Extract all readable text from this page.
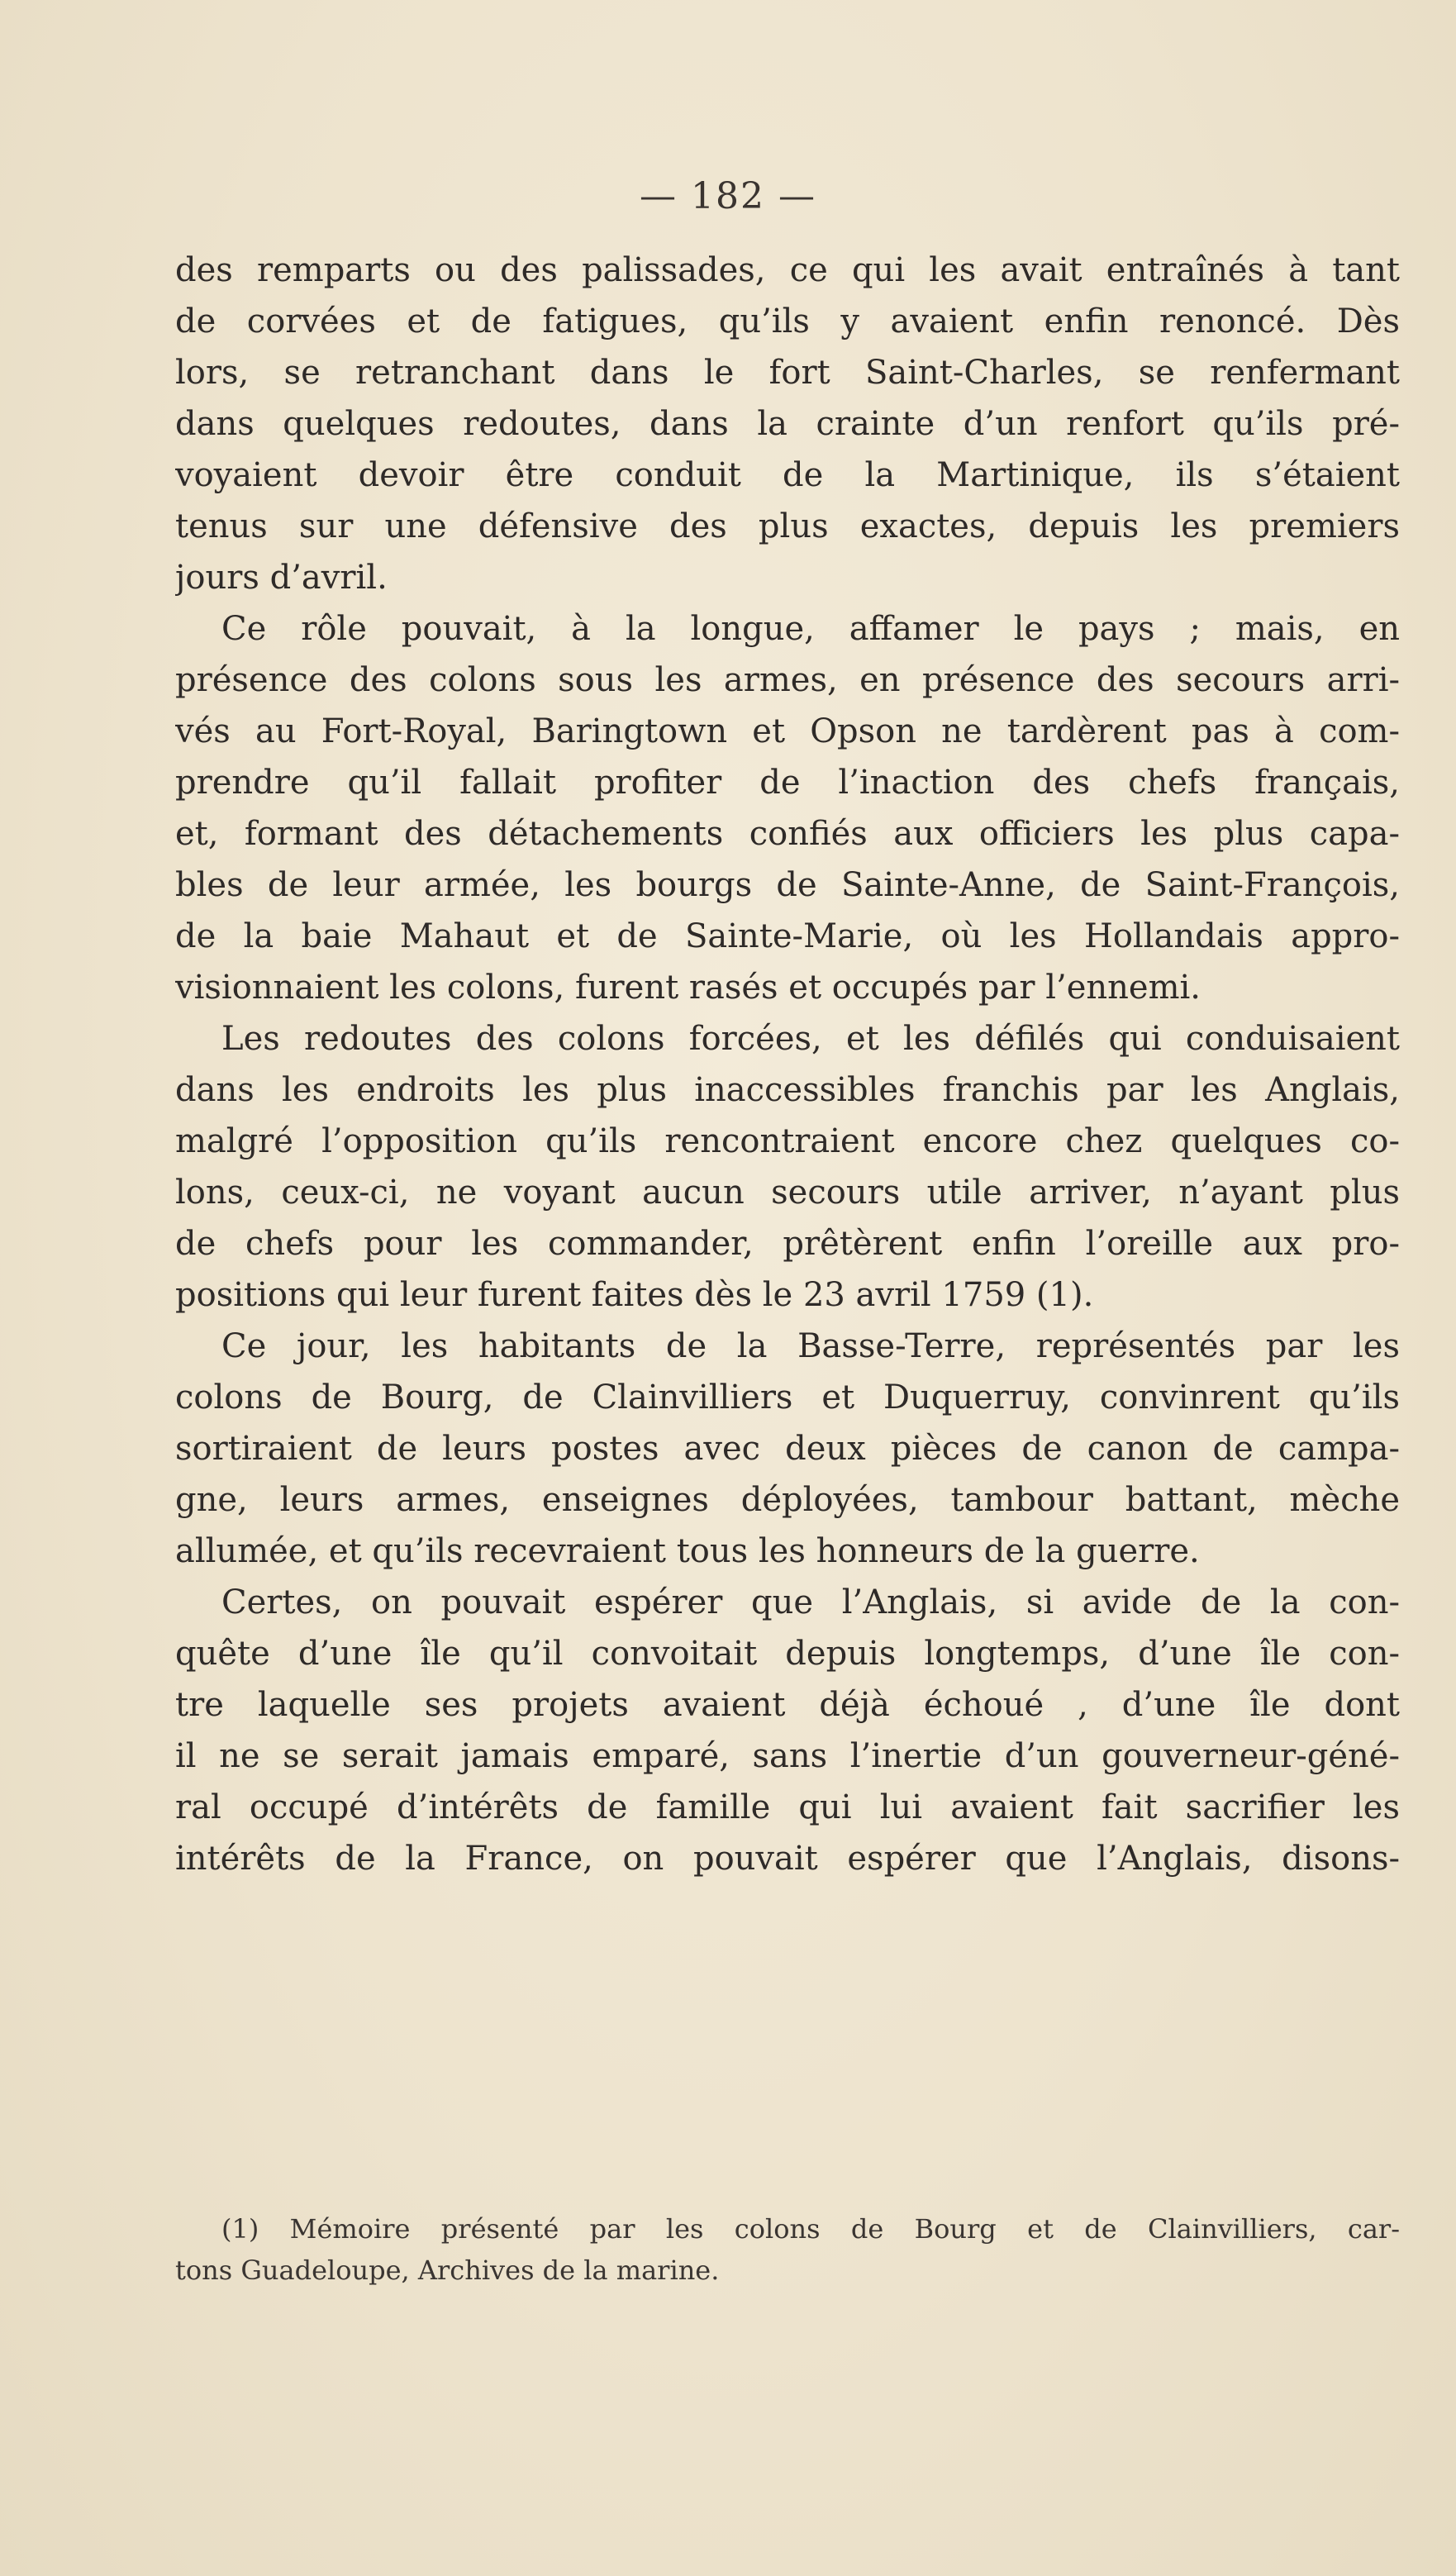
— 182 —
des remparts ou des palissades, ce qui les avait entraînés à tant
de corvées et de fatigues, qu’ils y avaient enfin renoncé. Dès
lors, se retranchant dans le fort Saint-Charles, se renfermant
dans quelques redoutes, dans la crainte d’un renfort qu’ils pré-
voyaient devoir être conduit de la Martinique, ils s’étaient
tenus sur une défensive des plus exactes, depuis les premiers
jours d’avril.
Ce rôle pouvait, à la longue, affamer le pays ; mais, en
présence des colons sous les armes, en présence des secours arri-
vés au Fort-Royal, Baringtown et Opson ne tardèrent pas à com-
prendre qu’il fallait profiter de l’inaction des chefs français,
et, formant des détachements confiés aux officiers les plus capa-
bles de leur armée, les bourgs de Sainte-Anne, de Saint-François,
de la baie Mahaut et de Sainte-Marie, où les Hollandais appro-
visionnaient les colons, furent rasés et occupés par l’ennemi.
Les redoutes des colons forcées, et les défilés qui conduisaient
dans les endroits les plus inaccessibles franchis par les Anglais,
malgré l’opposition qu’ils rencontraient encore chez quelques co-
lons, ceux-ci, ne voyant aucun secours utile arriver, n’ayant plus
de chefs pour les commander, prêtèrent enfin l’oreille aux pro-
positions qui leur furent faites dès le 23 avril 1759 (1).
Ce jour, les habitants de la Basse-Terre, représentés par les
colons de Bourg, de Clainvilliers et Duquerruy, convinrent qu’ils
sortiraient de leurs postes avec deux pièces de canon de campa-
gne, leurs armes, enseignes déployées, tambour battant, mèche
allumée, et qu’ils recevraient tous les honneurs de la guerre.
Certes, on pouvait espérer que l’Anglais, si avide de la con-
quête d’une île qu’il convoitait depuis longtemps, d’une île con-
tre laquelle ses projets avaient déjà échoué , d’une île dont
il ne se serait jamais emparé, sans l’inertie d’un gouverneur-géné-
ral occupé d’intérêts de famille qui lui avaient fait sacrifier les
intérêts de la France, on pouvait espérer que l’Anglais, disons-
(1) Mémoire présenté par les colons de Bourg et de Clainvilliers, car-
tons Guadeloupe, Archives de la marine.
